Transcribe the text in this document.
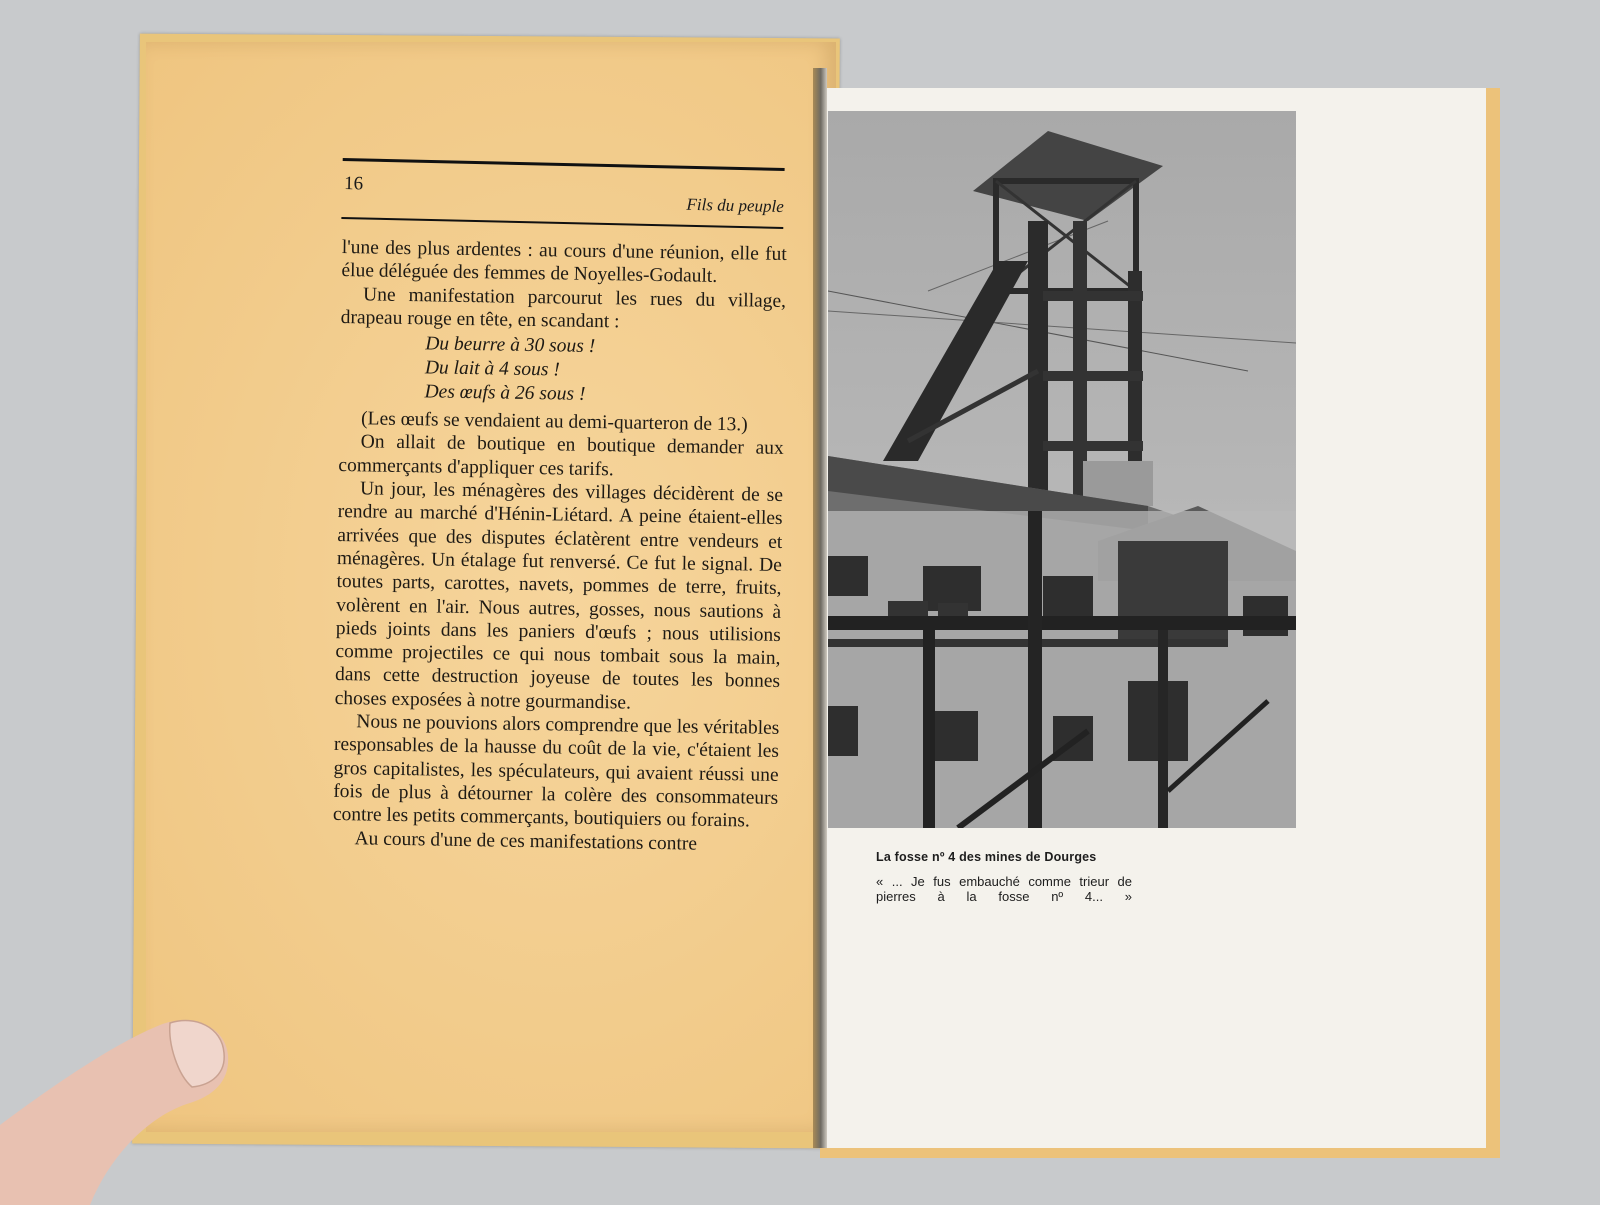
16
Fils du peuple

l'une des plus ardentes : au cours d'une réunion, elle fut élue déléguée des femmes de Noyelles-Godault.

Une manifestation parcourut les rues du village, drapeau rouge en tête, en scandant :

Du beurre à 30 sous !
Du lait à 4 sous !
Des œufs à 26 sous !

(Les œufs se vendaient au demi-quarteron de 13.)

On allait de boutique en boutique demander aux commerçants d'appliquer ces tarifs.

Un jour, les ménagères des villages décidèrent de se rendre au marché d'Hénin-Liétard. A peine étaient-elles arrivées que des disputes éclatèrent entre vendeurs et ménagères. Un étalage fut renversé. Ce fut le signal. De toutes parts, carottes, navets, pommes de terre, fruits, volèrent en l'air. Nous autres, gosses, nous sautions à pieds joints dans les paniers d'œufs ; nous utilisions comme projectiles ce qui nous tombait sous la main, dans cette destruction joyeuse de toutes les bonnes choses exposées à notre gourmandise.

Nous ne pouvions alors comprendre que les véritables responsables de la hausse du coût de la vie, c'étaient les gros capitalistes, les spéculateurs, qui avaient réussi une fois de plus à détourner la colère des consommateurs contre les petits commerçants, boutiquiers ou forains.

Au cours d'une de ces manifestations contre

La fosse nº 4 des mines de Dourges
« ... Je fus embauché comme trieur de pierres à la fosse nº 4... »
